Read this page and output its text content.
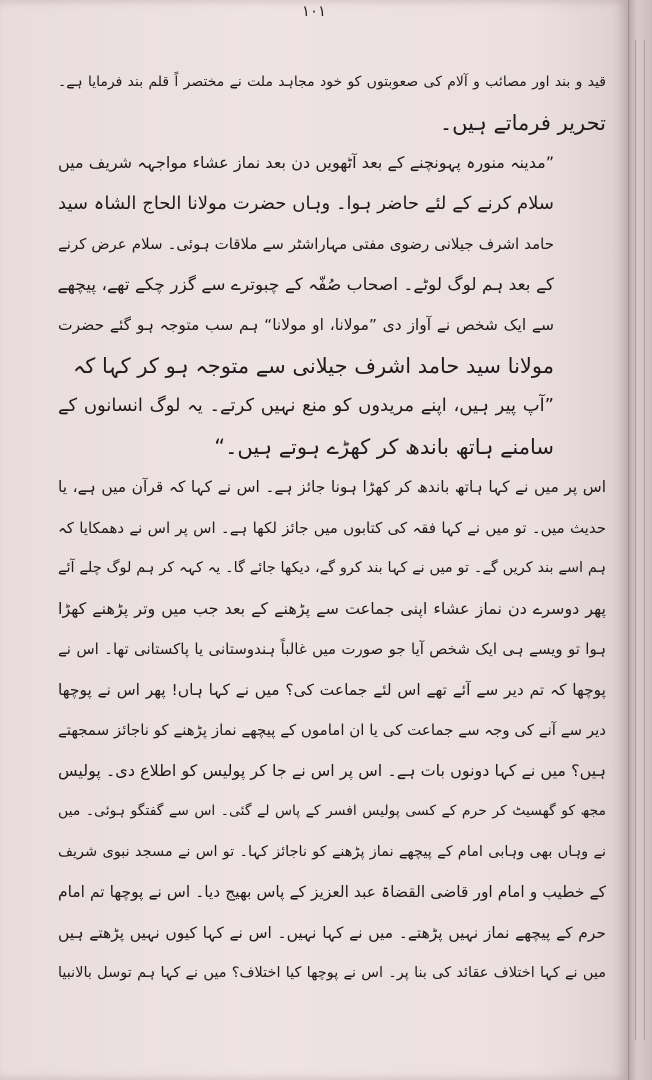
۱۰۱
قید و بند اور مصائب و آلام کی صعوبتوں کو خود مجاہد ملت نے مختصر اً قلم بند فرمایا ہے۔
تحریر فرماتے ہیں۔
”مدینہ منورہ پہونچنے کے بعد آٹھویں دن بعد نماز عشاء مواجہہ شریف میں
سلام کرنے کے لئے حاضر ہوا۔ وہاں حضرت مولانا الحاج الشاہ سید
حامد اشرف جیلانی رضوی مفتی مہاراشٹر سے ملاقات ہوئی۔ سلام عرض کرنے
کے بعد ہم لوگ لوٹے۔ اصحاب صُفّہ کے چبوترے سے گزر چکے تھے، پیچھے
سے ایک شخص نے آواز دی ”مولانا، او مولانا“ ہم سب متوجہ ہو گئے حضرت
مولانا سید حامد اشرف جیلانی سے متوجہ ہو کر کہا کہ
”آپ پیر ہیں، اپنے مریدوں کو منع نہیں کرتے۔ یہ لوگ انسانوں کے
سامنے ہاتھ باندھ کر کھڑے ہوتے ہیں۔“
اس پر میں نے کہا ہاتھ باندھ کر کھڑا ہونا جائز ہے۔ اس نے کہا کہ قرآن میں ہے، یا
حدیث میں۔ تو میں نے کہا فقہ کی کتابوں میں جائز لکھا ہے۔ اس پر اس نے دھمکایا کہ
ہم اسے بند کریں گے۔ تو میں نے کہا بند کرو گے، دیکھا جائے گا۔ یہ کہہ کر ہم لوگ چلے آئے
پھر دوسرے دن نماز عشاء اپنی جماعت سے پڑھنے کے بعد جب میں وتر پڑھنے کھڑا
ہوا تو ویسے ہی ایک شخص آیا جو صورت میں غالباً ہندوستانی یا پاکستانی تھا۔ اس نے
پوچھا کہ تم دیر سے آئے تھے اس لئے جماعت کی؟ میں نے کہا ہاں! پھر اس نے پوچھا
دیر سے آنے کی وجہ سے جماعت کی یا ان اماموں کے پیچھے نماز پڑھنے کو ناجائز سمجھتے
ہیں؟ میں نے کہا دونوں بات ہے۔ اس پر اس نے جا کر پولیس کو اطلاع دی۔ پولیس
مجھ کو گھسیٹ کر حرم کے کسی پولیس افسر کے پاس لے گئی۔ اس سے گفتگو ہوئی۔ میں
نے وہاں بھی وہابی امام کے پیچھے نماز پڑھنے کو ناجائز کہا۔ تو اس نے مسجد نبوی شریف
کے خطیب و امام اور قاضی القضاۃ عبد العزیز کے پاس بھیج دیا۔ اس نے پوچھا تم امام
حرم کے پیچھے نماز نہیں پڑھتے۔ میں نے کہا نہیں۔ اس نے کہا کیوں نہیں پڑھتے ہیں
میں نے کہا اختلاف عقائد کی بنا پر۔ اس نے پوچھا کیا اختلاف؟ میں نے کہا ہم توسل بالانبیا
